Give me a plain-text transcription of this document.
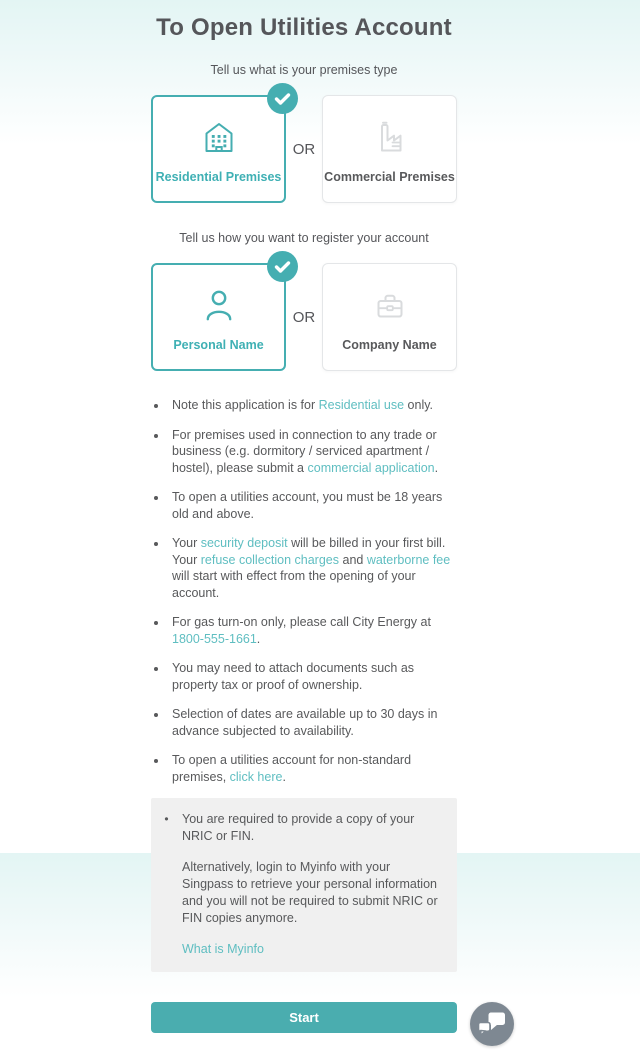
To Open Utilities Account

Tell us what is your premises type

Residential Premises
OR
Commercial Premises

Tell us how you want to register your account

Personal Name
OR
Company Name
• Note this application is for Residential use only.
• For premises used in connection to any trade or business (e.g. dormitory / serviced apartment / hostel), please submit a commercial application.
• To open a utilities account, you must be 18 years old and above.
• Your security deposit will be billed in your first bill. Your refuse collection charges and waterborne fee will start with effect from the opening of your account.
• For gas turn-on only, please call City Energy at 1800-555-1661.
• You may need to attach documents such as property tax or proof of ownership.
• Selection of dates are available up to 30 days in advance subjected to availability.
• To open a utilities account for non-standard premises, click here.
•	You are required to provide a copy of your NRIC or FIN.

Alternatively, login to Myinfo with your Singpass to retrieve your personal information and you will not be required to submit NRIC or FIN copies anymore.

What is Myinfo
Start
